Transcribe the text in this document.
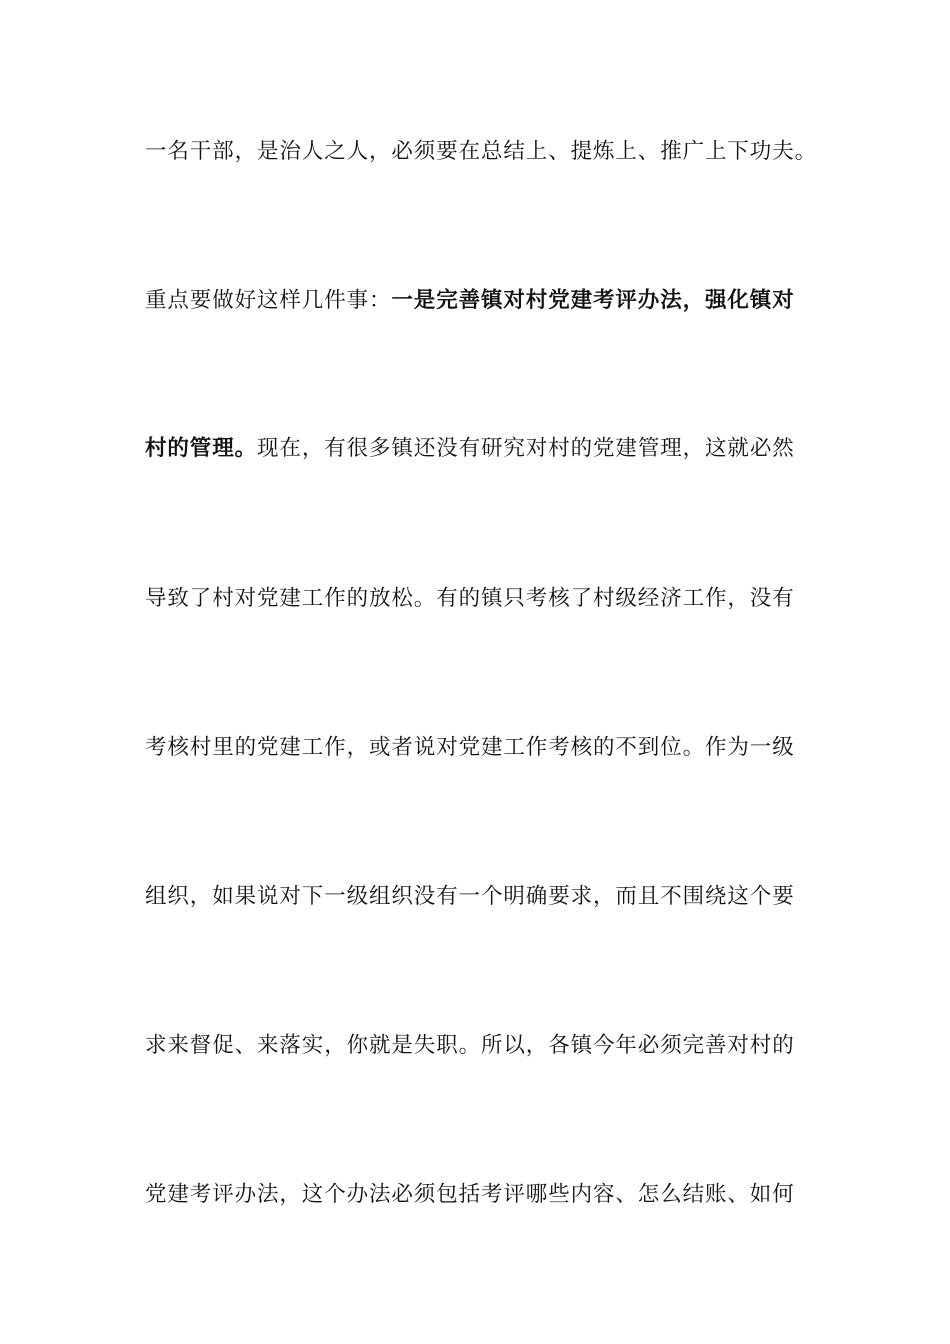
一名干部，是治人之人，必须要在总结上、提炼上、推广上下功夫。
重点要做好这样几件事：一是完善镇对村党建考评办法，强化镇对
村的管理。现在，有很多镇还没有研究对村的党建管理，这就必然
导致了村对党建工作的放松。有的镇只考核了村级经济工作，没有
考核村里的党建工作，或者说对党建工作考核的不到位。作为一级
组织，如果说对下一级组织没有一个明确要求，而且不围绕这个要
求来督促、来落实，你就是失职。所以，各镇今年必须完善对村的
党建考评办法，这个办法必须包括考评哪些内容、怎么结账、如何
